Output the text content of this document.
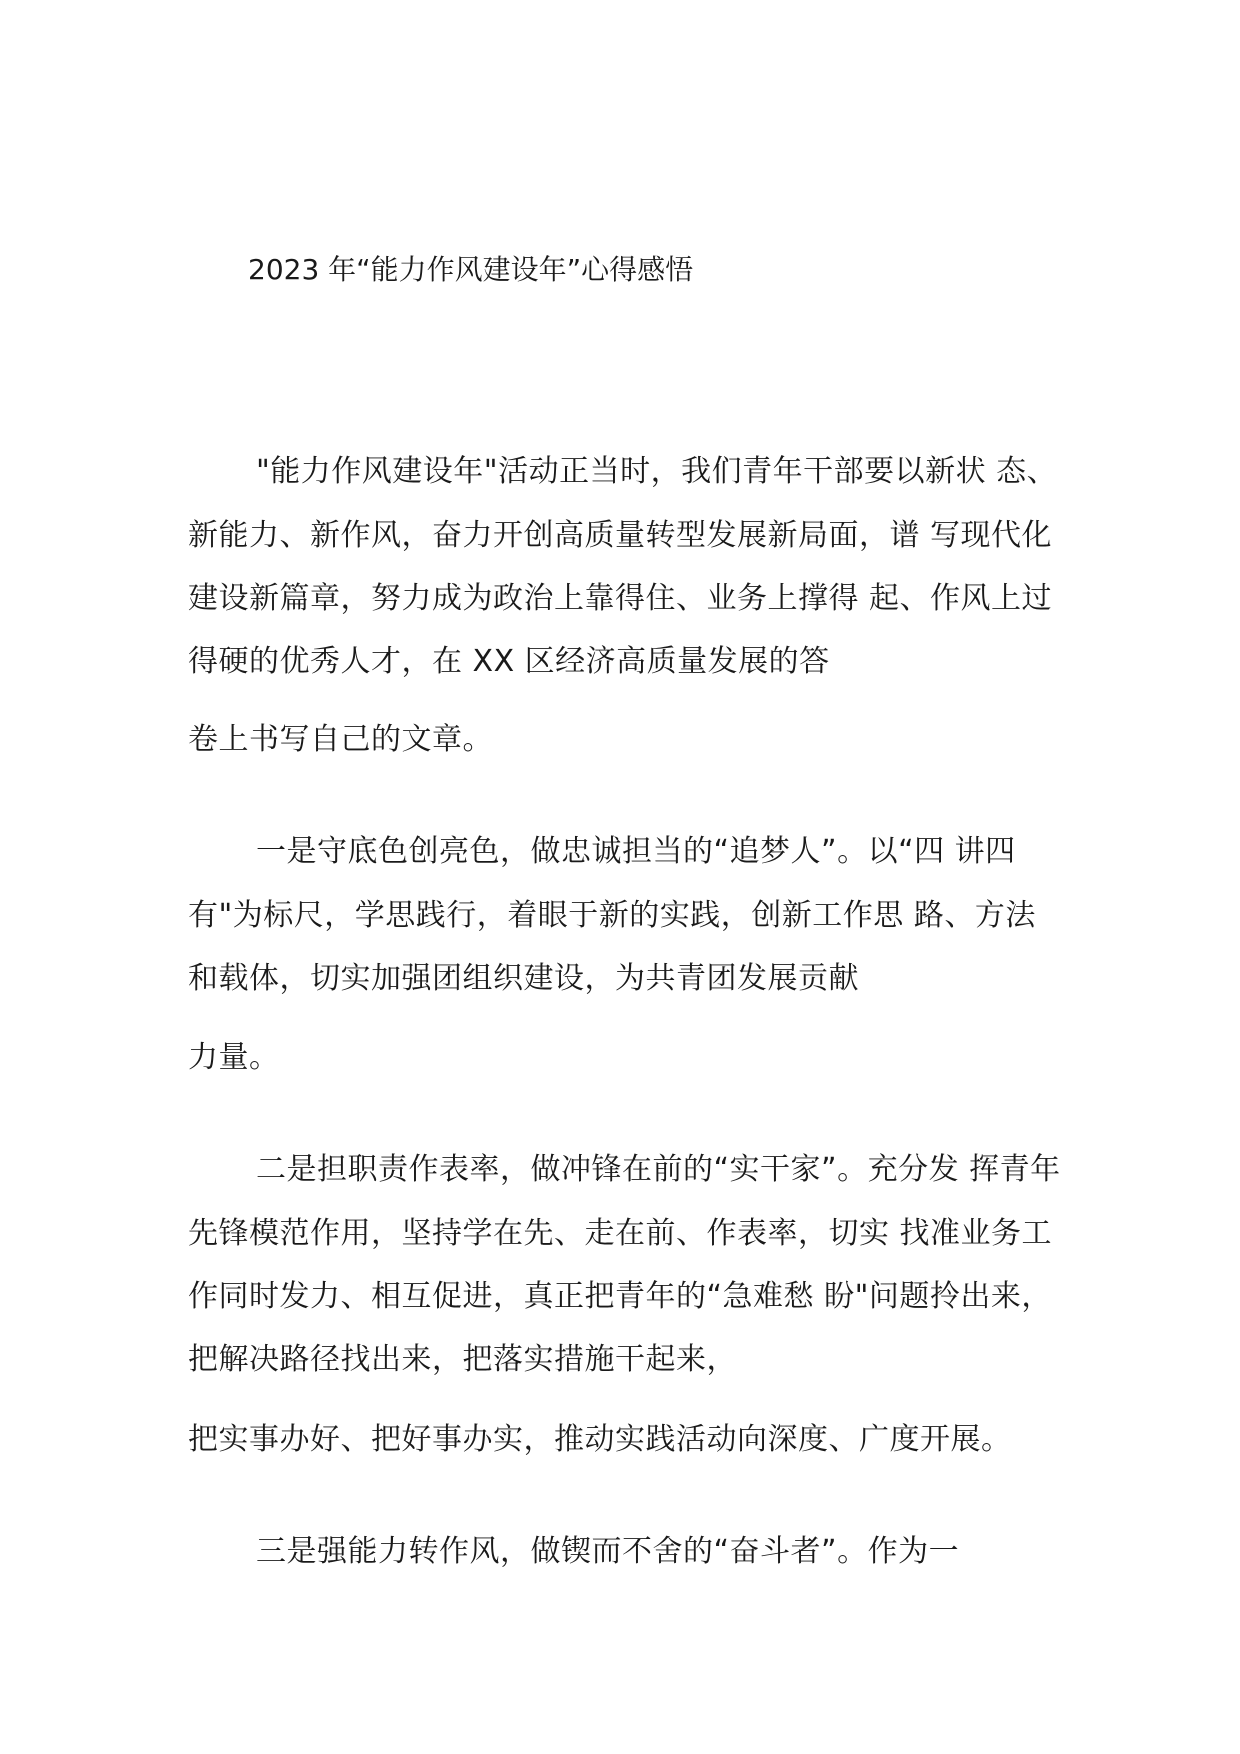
2023 年“能力作风建设年”心得感悟
"能力作风建设年"活动正当时，我们青年干部要以新状 态、
新能力、新作风，奋力开创高质量转型发展新局面，谱 写现代化
建设新篇章，努力成为政治上靠得住、业务上撑得 起、作风上过
得硬的优秀人才，在 XX 区经济高质量发展的答
卷上书写自己的文章。
一是守底色创亮色，做忠诚担当的“追梦人”。以“四 讲四
有"为标尺，学思践行，着眼于新的实践，创新工作思 路、方法
和载体，切实加强团组织建设，为共青团发展贡献
力量。
二是担职责作表率，做冲锋在前的“实干家”。充分发 挥青年
先锋模范作用，坚持学在先、走在前、作表率，切实 找准业务工
作同时发力、相互促进，真正把青年的“急难愁 盼"问题拎出来，
把解决路径找出来，把落实措施干起来，
把实事办好、把好事办实，推动实践活动向深度、广度开展。
三是强能力转作风，做锲而不舍的“奋斗者”。作为一
